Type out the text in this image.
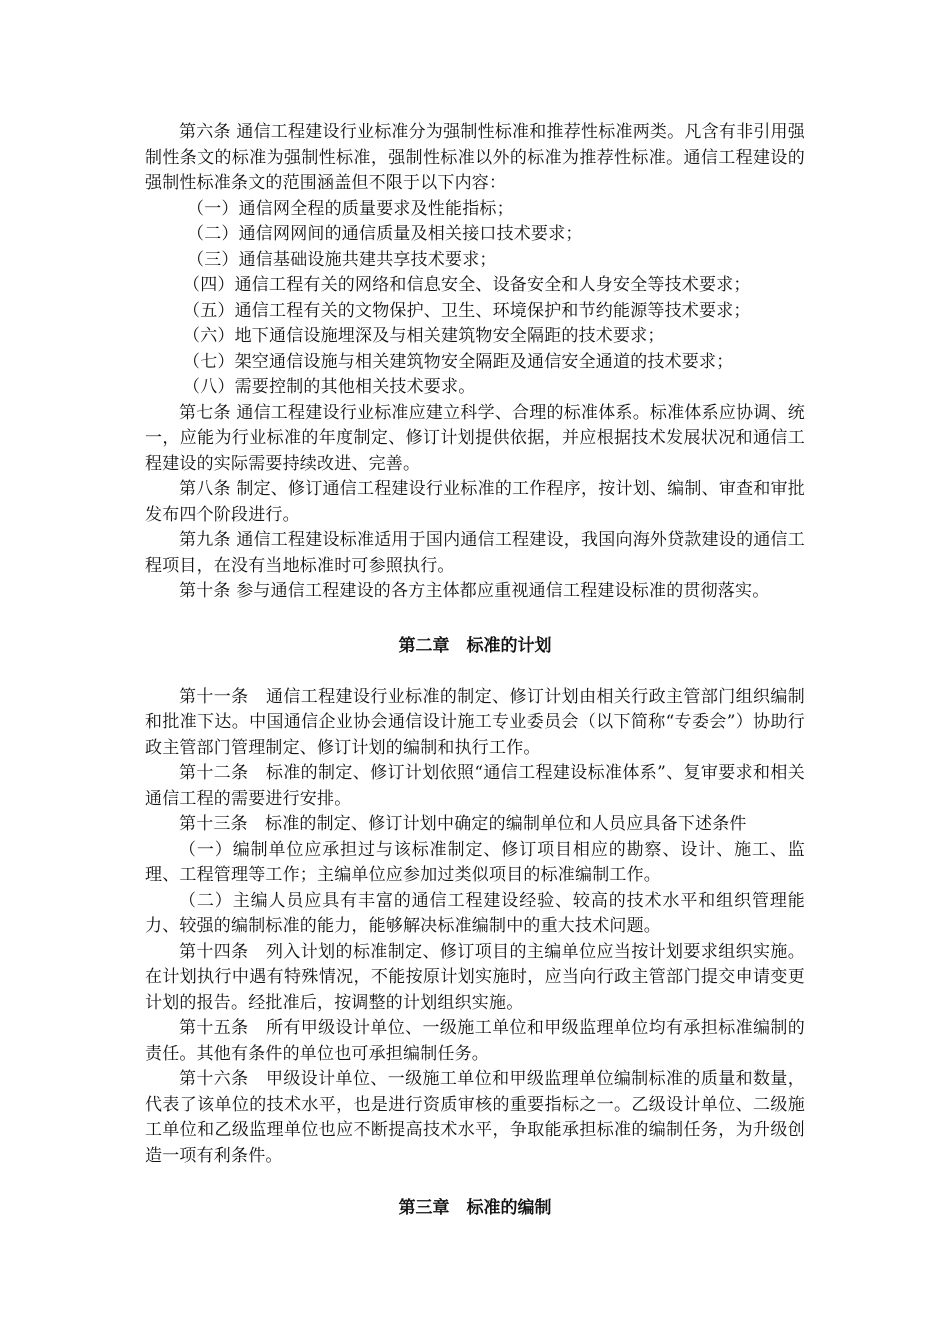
第六条 通信工程建设行业标准分为强制性标准和推荐性标准两类。凡含有非引用强制性条文的标准为强制性标准，强制性标准以外的标准为推荐性标准。通信工程建设的强制性标准条文的范围涵盖但不限于以下内容：

（一）通信网全程的质量要求及性能指标；

（二）通信网网间的通信质量及相关接口技术要求；

（三）通信基础设施共建共享技术要求；

（四）通信工程有关的网络和信息安全、设备安全和人身安全等技术要求；

（五）通信工程有关的文物保护、卫生、环境保护和节约能源等技术要求；

（六）地下通信设施埋深及与相关建筑物安全隔距的技术要求；

（七）架空通信设施与相关建筑物安全隔距及通信安全通道的技术要求；

（八）需要控制的其他相关技术要求。

第七条 通信工程建设行业标准应建立科学、合理的标准体系。标准体系应协调、统一，应能为行业标准的年度制定、修订计划提供依据，并应根据技术发展状况和通信工程建设的实际需要持续改进、完善。

第八条 制定、修订通信工程建设行业标准的工作程序，按计划、编制、审查和审批发布四个阶段进行。

第九条 通信工程建设标准适用于国内通信工程建设，我国向海外贷款建设的通信工程项目，在没有当地标准时可参照执行。

第十条 参与通信工程建设的各方主体都应重视通信工程建设标准的贯彻落实。

第二章　标准的计划

第十一条　通信工程建设行业标准的制定、修订计划由相关行政主管部门组织编制和批准下达。中国通信企业协会通信设计施工专业委员会（以下简称“专委会”）协助行政主管部门管理制定、修订计划的编制和执行工作。

第十二条　标准的制定、修订计划依照“通信工程建设标准体系”、复审要求和相关通信工程的需要进行安排。

第十三条　标准的制定、修订计划中确定的编制单位和人员应具备下述条件

（一）编制单位应承担过与该标准制定、修订项目相应的勘察、设计、施工、监理、工程管理等工作；主编单位应参加过类似项目的标准编制工作。

（二）主编人员应具有丰富的通信工程建设经验、较高的技术水平和组织管理能力、较强的编制标准的能力，能够解决标准编制中的重大技术问题。

第十四条　列入计划的标准制定、修订项目的主编单位应当按计划要求组织实施。在计划执行中遇有特殊情况，不能按原计划实施时，应当向行政主管部门提交申请变更计划的报告。经批准后，按调整的计划组织实施。

第十五条　所有甲级设计单位、一级施工单位和甲级监理单位均有承担标准编制的责任。其他有条件的单位也可承担编制任务。

第十六条　甲级设计单位、一级施工单位和甲级监理单位编制标准的质量和数量，代表了该单位的技术水平，也是进行资质审核的重要指标之一。乙级设计单位、二级施工单位和乙级监理单位也应不断提高技术水平，争取能承担标准的编制任务，为升级创造一项有利条件。

第三章　标准的编制
